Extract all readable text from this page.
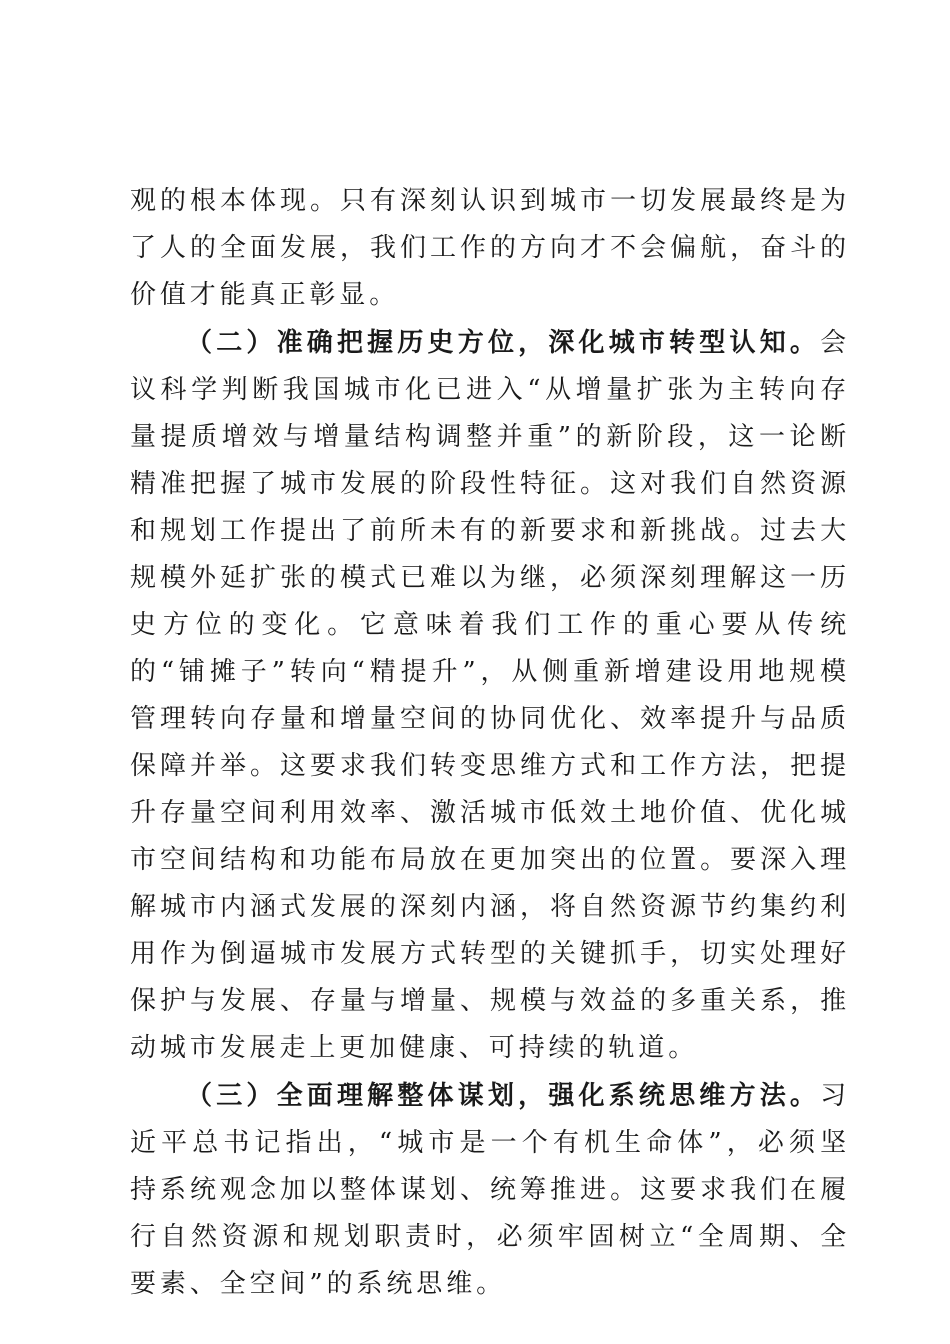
观的根本体现。只有深刻认识到城市一切发展最终是为了人的全面发展，我们工作的方向才不会偏航，奋斗的价值才能真正彰显。

（二）准确把握历史方位，深化城市转型认知。会议科学判断我国城市化已进入“从增量扩张为主转向存量提质增效与增量结构调整并重”的新阶段，这一论断精准把握了城市发展的阶段性特征。这对我们自然资源和规划工作提出了前所未有的新要求和新挑战。过去大规模外延扩张的模式已难以为继，必须深刻理解这一历史方位的变化。它意味着我们工作的重心要从传统的“铺摊子”转向“精提升”，从侧重新增建设用地规模管理转向存量和增量空间的协同优化、效率提升与品质保障并举。这要求我们转变思维方式和工作方法，把提升存量空间利用效率、激活城市低效土地价值、优化城市空间结构和功能布局放在更加突出的位置。要深入理解城市内涵式发展的深刻内涵，将自然资源节约集约利用作为倒逼城市发展方式转型的关键抓手，切实处理好保护与发展、存量与增量、规模与效益的多重关系，推动城市发展走上更加健康、可持续的轨道。

（三）全面理解整体谋划，强化系统思维方法。习近平总书记指出，“城市是一个有机生命体”，必须坚持系统观念加以整体谋划、统筹推进。这要求我们在履行自然资源和规划职责时，必须牢固树立“全周期、全要素、全空间”的系统思维。
